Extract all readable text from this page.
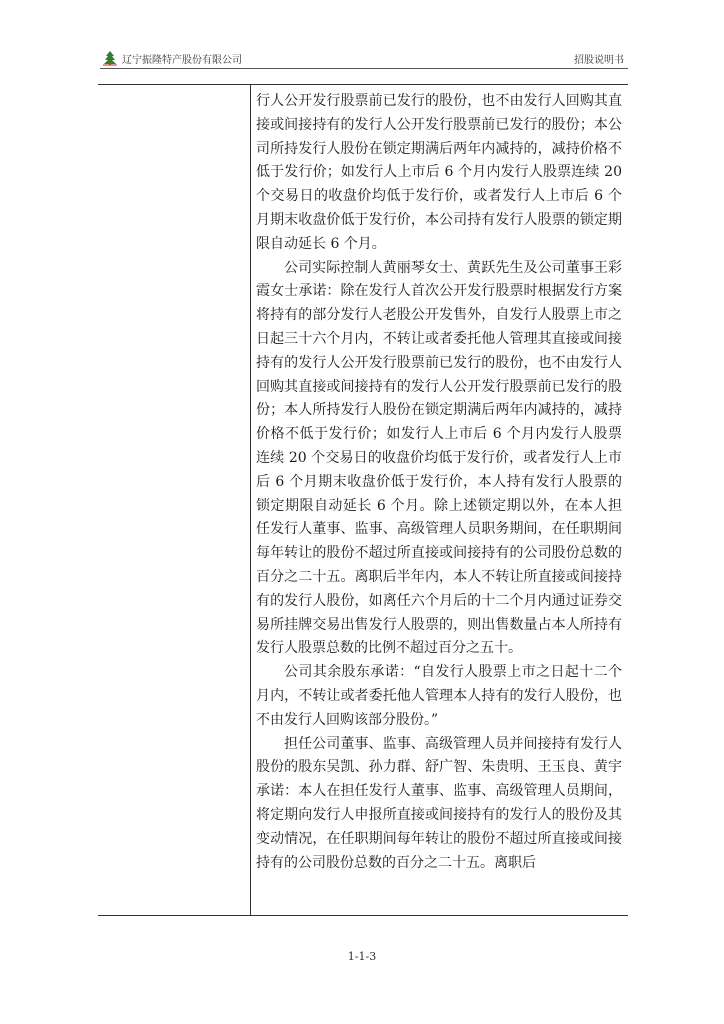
辽宁振隆特产股份有限公司	招股说明书

行人公开发行股票前已发行的股份，也不由发行人回购其直接或间接持有的发行人公开发行股票前已发行的股份；本公司所持发行人股份在锁定期满后两年内减持的，减持价格不低于发行价；如发行人上市后 6 个月内发行人股票连续 20 个交易日的收盘价均低于发行价，或者发行人上市后 6 个月期末收盘价低于发行价，本公司持有发行人股票的锁定期限自动延长 6 个月。

公司实际控制人黄丽琴女士、黄跃先生及公司董事王彩霞女士承诺：除在发行人首次公开发行股票时根据发行方案将持有的部分发行人老股公开发售外，自发行人股票上市之日起三十六个月内，不转让或者委托他人管理其直接或间接持有的发行人公开发行股票前已发行的股份，也不由发行人回购其直接或间接持有的发行人公开发行股票前已发行的股份；本人所持发行人股份在锁定期满后两年内减持的，减持价格不低于发行价；如发行人上市后 6 个月内发行人股票连续 20 个交易日的收盘价均低于发行价，或者发行人上市后 6 个月期末收盘价低于发行价，本人持有发行人股票的锁定期限自动延长 6 个月。除上述锁定期以外，在本人担任发行人董事、监事、高级管理人员职务期间，在任职期间每年转让的股份不超过所直接或间接持有的公司股份总数的百分之二十五。离职后半年内，本人不转让所直接或间接持有的发行人股份，如离任六个月后的十二个月内通过证券交易所挂牌交易出售发行人股票的，则出售数量占本人所持有发行人股票总数的比例不超过百分之五十。

公司其余股东承诺：“自发行人股票上市之日起十二个月内，不转让或者委托他人管理本人持有的发行人股份，也不由发行人回购该部分股份。”

担任公司董事、监事、高级管理人员并间接持有发行人股份的股东吴凯、孙力群、舒广智、朱贵明、王玉良、黄宇承诺：本人在担任发行人董事、监事、高级管理人员期间，将定期向发行人申报所直接或间接持有的发行人的股份及其变动情况，在任职期间每年转让的股份不超过所直接或间接持有的公司股份总数的百分之二十五。离职后

1-1-3
